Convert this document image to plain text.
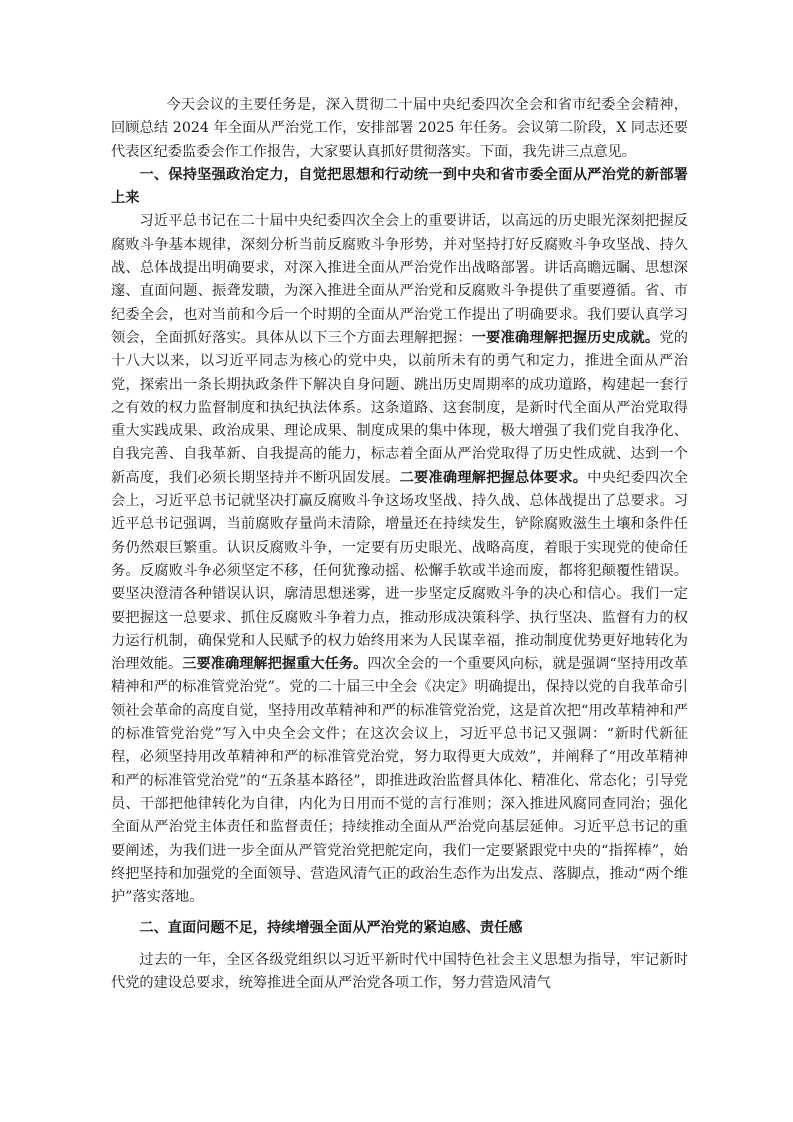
今天会议的主要任务是，深入贯彻二十届中央纪委四次全会和省市纪委全会精神，回顾总结 2024 年全面从严治党工作，安排部署 2025 年任务。会议第二阶段，X 同志还要代表区纪委监委会作工作报告，大家要认真抓好贯彻落实。下面，我先讲三点意见。

一、保持坚强政治定力，自觉把思想和行动统一到中央和省市委全面从严治党的新部署上来

习近平总书记在二十届中央纪委四次全会上的重要讲话，以高远的历史眼光深刻把握反腐败斗争基本规律，深刻分析当前反腐败斗争形势，并对坚持打好反腐败斗争攻坚战、持久战、总体战提出明确要求，对深入推进全面从严治党作出战略部署。讲话高瞻远瞩、思想深邃、直面问题、振聋发聩，为深入推进全面从严治党和反腐败斗争提供了重要遵循。省、市纪委全会，也对当前和今后一个时期的全面从严治党工作提出了明确要求。我们要认真学习领会，全面抓好落实。具体从以下三个方面去理解把握：一要准确理解把握历史成就。党的十八大以来，以习近平同志为核心的党中央，以前所未有的勇气和定力，推进全面从严治党，探索出一条长期执政条件下解决自身问题、跳出历史周期率的成功道路，构建起一套行之有效的权力监督制度和执纪执法体系。这条道路、这套制度，是新时代全面从严治党取得重大实践成果、政治成果、理论成果、制度成果的集中体现，极大增强了我们党自我净化、自我完善、自我革新、自我提高的能力，标志着全面从严治党取得了历史性成就、达到一个新高度，我们必须长期坚持并不断巩固发展。二要准确理解把握总体要求。中央纪委四次全会上，习近平总书记就坚决打赢反腐败斗争这场攻坚战、持久战、总体战提出了总要求。习近平总书记强调，当前腐败存量尚未清除，增量还在持续发生，铲除腐败滋生土壤和条件任务仍然艰巨繁重。认识反腐败斗争，一定要有历史眼光、战略高度，着眼于实现党的使命任务。反腐败斗争必须坚定不移，任何犹豫动摇、松懈手软或半途而废，都将犯颠覆性错误。要坚决澄清各种错误认识，廓清思想迷雾，进一步坚定反腐败斗争的决心和信心。我们一定要把握这一总要求、抓住反腐败斗争着力点，推动形成决策科学、执行坚决、监督有力的权力运行机制，确保党和人民赋予的权力始终用来为人民谋幸福，推动制度优势更好地转化为治理效能。三要准确理解把握重大任务。四次全会的一个重要风向标，就是强调“坚持用改革精神和严的标准管党治党”。党的二十届三中全会《决定》明确提出，保持以党的自我革命引领社会革命的高度自觉，坚持用改革精神和严的标准管党治党，这是首次把“用改革精神和严的标准管党治党”写入中央全会文件；在这次会议上，习近平总书记又强调：“新时代新征程，必须坚持用改革精神和严的标准管党治党，努力取得更大成效”，并阐释了“用改革精神和严的标准管党治党”的“五条基本路径”，即推进政治监督具体化、精准化、常态化；引导党员、干部把他律转化为自律，内化为日用而不觉的言行准则；深入推进风腐同查同治；强化全面从严治党主体责任和监督责任；持续推动全面从严治党向基层延伸。习近平总书记的重要阐述，为我们进一步全面从严管党治党把舵定向，我们一定要紧跟党中央的“指挥棒”，始终把坚持和加强党的全面领导、营造风清气正的政治生态作为出发点、落脚点，推动“两个维护”落实落地。

二、直面问题不足，持续增强全面从严治党的紧迫感、责任感

过去的一年，全区各级党组织以习近平新时代中国特色社会主义思想为指导，牢记新时代党的建设总要求，统筹推进全面从严治党各项工作，努力营造风清气
